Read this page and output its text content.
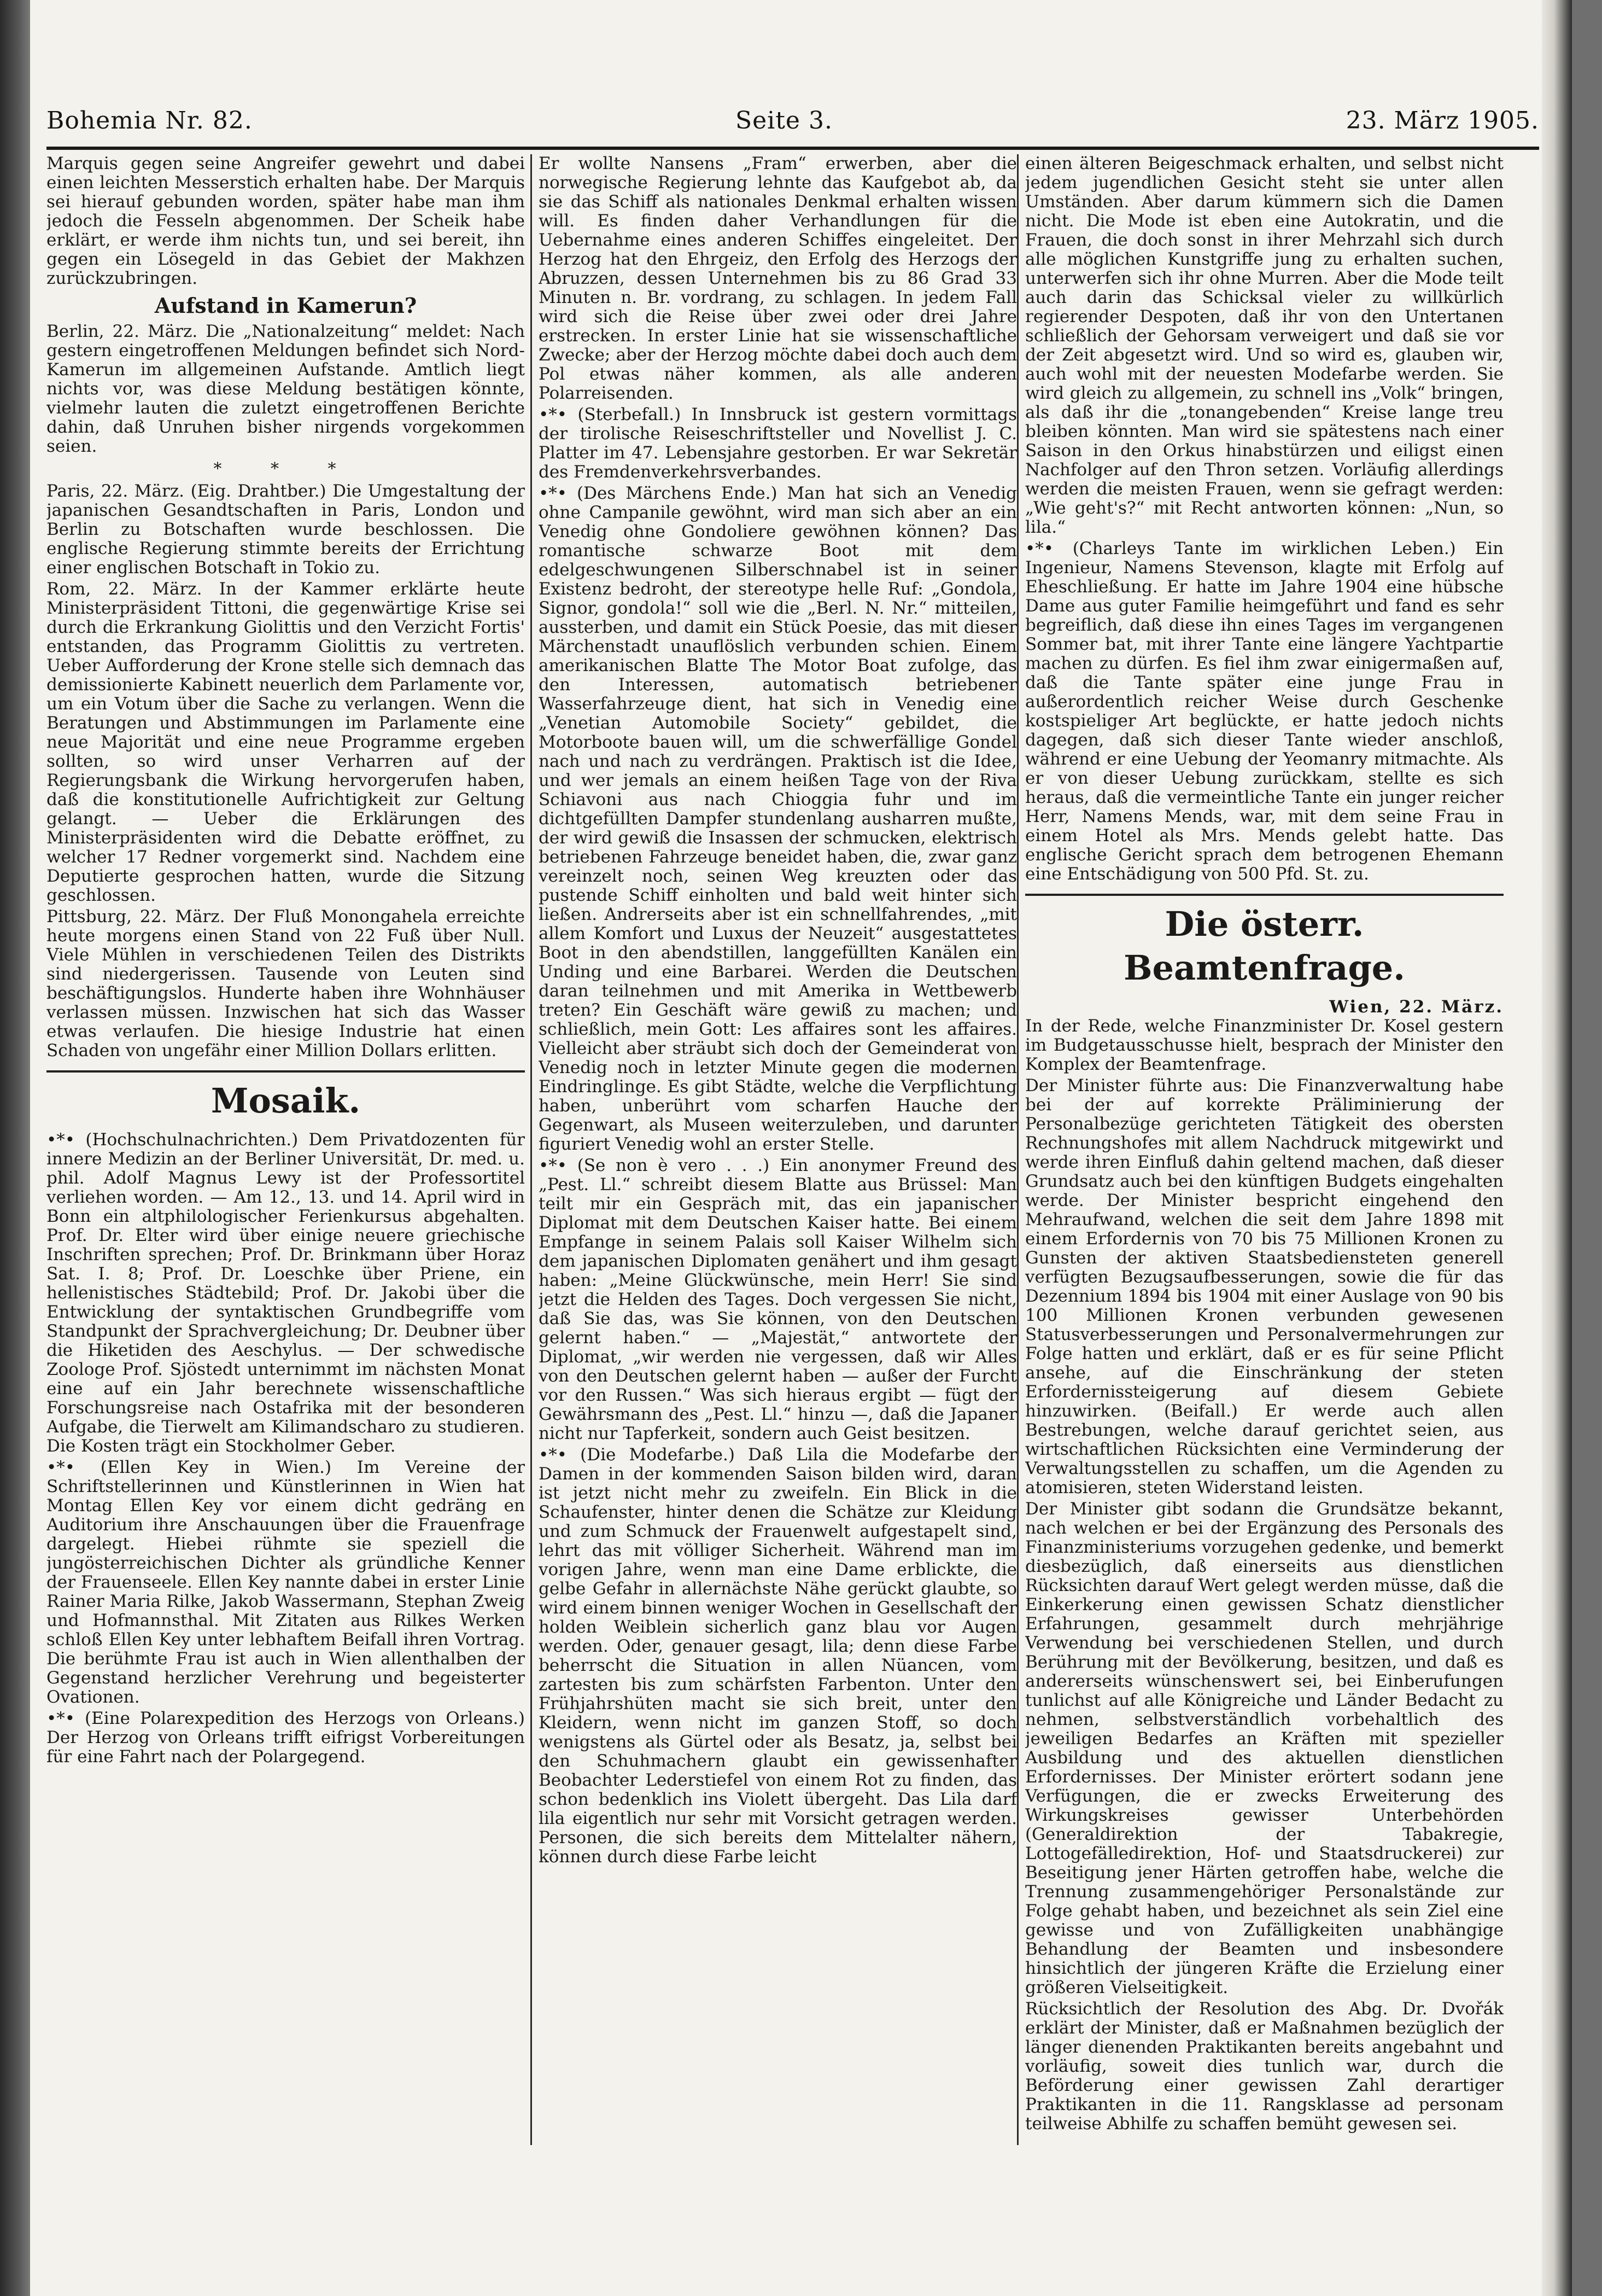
Bohemia Nr. 82.	Seite 3.	23. März 1905.

Marquis gegen seine Angreifer gewehrt und dabei einen leichten Messerstich erhalten habe. Der Marquis sei hierauf gebunden worden, später habe man ihm jedoch die Fesseln abgenommen. Der Scheik habe erklärt, er werde ihm nichts tun, und sei bereit, ihn gegen ein Lösegeld in das Gebiet der Makhzen zurückzubringen.

Aufstand in Kamerun?

Berlin, 22. März. Die „Nationalzeitung“ meldet: Nach gestern eingetroffenen Meldungen befindet sich Nord-Kamerun im allgemeinen Aufstande. Amtlich liegt nichts vor, was diese Meldung bestätigen könnte, vielmehr lauten die zuletzt eingetroffenen Berichte dahin, daß Unruhen bisher nirgends vorgekommen seien.

* * *

Paris, 22. März. (Eig. Drahtber.) Die Umgestaltung der japanischen Gesandtschaften in Paris, London und Berlin zu Botschaften wurde beschlossen. Die englische Regierung stimmte bereits der Errichtung einer englischen Botschaft in Tokio zu.

Rom, 22. März. In der Kammer erklärte heute Ministerpräsident Tittoni, die gegenwärtige Krise sei durch die Erkrankung Giolittis und den Verzicht Fortis' entstanden, das Programm Giolittis zu vertreten. Ueber Aufforderung der Krone stelle sich demnach das demissionierte Kabinett neuerlich dem Parlamente vor, um ein Votum über die Sache zu verlangen. Wenn die Beratungen und Abstimmungen im Parlamente eine neue Majorität und eine neue Programme ergeben sollten, so wird unser Verharren auf der Regierungsbank die Wirkung hervorgerufen haben, daß die konstitutionelle Aufrichtigkeit zur Geltung gelangt. — Ueber die Erklärungen des Ministerpräsidenten wird die Debatte eröffnet, zu welcher 17 Redner vorgemerkt sind. Nachdem eine Deputierte gesprochen hatten, wurde die Sitzung geschlossen.

Pittsburg, 22. März. Der Fluß Monongahela erreichte heute morgens einen Stand von 22 Fuß über Null. Viele Mühlen in verschiedenen Teilen des Distrikts sind niedergerissen. Tausende von Leuten sind beschäftigungslos. Hunderte haben ihre Wohnhäuser verlassen müssen. Inzwischen hat sich das Wasser etwas verlaufen. Die hiesige Industrie hat einen Schaden von ungefähr einer Million Dollars erlitten.

Mosaik.

•*• (Hochschulnachrichten.) Dem Privatdozenten für innere Medizin an der Berliner Universität, Dr. med. u. phil. Adolf Magnus Lewy ist der Professortitel verliehen worden. — Am 12., 13. und 14. April wird in Bonn ein altphilologischer Ferienkursus abgehalten. Prof. Dr. Elter wird über einige neuere griechische Inschriften sprechen; Prof. Dr. Brinkmann über Horaz Sat. I. 8; Prof. Dr. Loeschke über Priene, ein hellenistisches Städtebild; Prof. Dr. Jakobi über die Entwicklung der syntaktischen Grundbegriffe vom Standpunkt der Sprachvergleichung; Dr. Deubner über die Hiketiden des Aeschylus. — Der schwedische Zoologe Prof. Sjöstedt unternimmt im nächsten Monat eine auf ein Jahr berechnete wissenschaftliche Forschungsreise nach Ostafrika mit der besonderen Aufgabe, die Tierwelt am Kilimandscharo zu studieren. Die Kosten trägt ein Stockholmer Geber.

•*• (Ellen Key in Wien.) Im Vereine der Schriftstellerinnen und Künstlerinnen in Wien hat Montag Ellen Key vor einem dicht gedräng en Auditorium ihre Anschauungen über die Frauenfrage dargelegt. Hiebei rühmte sie speziell die jungösterreichischen Dichter als gründliche Kenner der Frauenseele. Ellen Key nannte dabei in erster Linie Rainer Maria Rilke, Jakob Wassermann, Stephan Zweig und Hofmannsthal. Mit Zitaten aus Rilkes Werken schloß Ellen Key unter lebhaftem Beifall ihren Vortrag. Die berühmte Frau ist auch in Wien allenthalben der Gegenstand herzlicher Verehrung und begeisterter Ovationen.

•*• (Eine Polarexpedition des Herzogs von Orleans.) Der Herzog von Orleans trifft eifrigst Vorbereitungen für eine Fahrt nach der Polargegend.

Er wollte Nansens „Fram“ erwerben, aber die norwegische Regierung lehnte das Kaufgebot ab, da sie das Schiff als nationales Denkmal erhalten wissen will. Es finden daher Verhandlungen für die Uebernahme eines anderen Schiffes eingeleitet. Der Herzog hat den Ehrgeiz, den Erfolg des Herzogs der Abruzzen, dessen Unternehmen bis zu 86 Grad 33 Minuten n. Br. vordrang, zu schlagen. In jedem Fall wird sich die Reise über zwei oder drei Jahre erstrecken. In erster Linie hat sie wissenschaftliche Zwecke; aber der Herzog möchte dabei doch auch dem Pol etwas näher kommen, als alle anderen Polarreisenden.

•*• (Sterbefall.) In Innsbruck ist gestern vormittags der tirolische Reiseschriftsteller und Novellist J. C. Platter im 47. Lebensjahre gestorben. Er war Sekretär des Fremdenverkehrsverbandes.

•*• (Des Märchens Ende.) Man hat sich an Venedig ohne Campanile gewöhnt, wird man sich aber an ein Venedig ohne Gondoliere gewöhnen können? Das romantische schwarze Boot mit dem edelgeschwungenen Silberschnabel ist in seiner Existenz bedroht, der stereotype helle Ruf: „Gondola, Signor, gondola!“ soll wie die „Berl. N. Nr.“ mitteilen, aussterben, und damit ein Stück Poesie, das mit dieser Märchenstadt unauflöslich verbunden schien. Einem amerikanischen Blatte The Motor Boat zufolge, das den Interessen, automatisch betriebener Wasserfahrzeuge dient, hat sich in Venedig eine „Venetian Automobile Society“ gebildet, die Motorboote bauen will, um die schwerfällige Gondel nach und nach zu verdrängen. Praktisch ist die Idee, und wer jemals an einem heißen Tage von der Riva Schiavoni aus nach Chioggia fuhr und im dichtgefüllten Dampfer stundenlang ausharren mußte, der wird gewiß die Insassen der schmucken, elektrisch betriebenen Fahrzeuge beneidet haben, die, zwar ganz vereinzelt noch, seinen Weg kreuzten oder das pustende Schiff einholten und bald weit hinter sich ließen. Andrerseits aber ist ein schnellfahrendes, „mit allem Komfort und Luxus der Neuzeit“ ausgestattetes Boot in den abendstillen, langgefüllten Kanälen ein Unding und eine Barbarei. Werden die Deutschen daran teilnehmen und mit Amerika in Wettbewerb treten? Ein Geschäft wäre gewiß zu machen; und schließlich, mein Gott: Les affaires sont les affaires. Vielleicht aber sträubt sich doch der Gemeinderat von Venedig noch in letzter Minute gegen die modernen Eindringlinge. Es gibt Städte, welche die Verpflichtung haben, unberührt vom scharfen Hauche der Gegenwart, als Museen weiterzuleben, und darunter figuriert Venedig wohl an erster Stelle.

•*• (Se non è vero . . .) Ein anonymer Freund des „Pest. Ll.“ schreibt diesem Blatte aus Brüssel: Man teilt mir ein Gespräch mit, das ein japanischer Diplomat mit dem Deutschen Kaiser hatte. Bei einem Empfange in seinem Palais soll Kaiser Wilhelm sich dem japanischen Diplomaten genähert und ihm gesagt haben: „Meine Glückwünsche, mein Herr! Sie sind jetzt die Helden des Tages. Doch vergessen Sie nicht, daß Sie das, was Sie können, von den Deutschen gelernt haben.“ — „Majestät,“ antwortete der Diplomat, „wir werden nie vergessen, daß wir Alles von den Deutschen gelernt haben — außer der Furcht vor den Russen.“ Was sich hieraus ergibt — fügt der Gewährsmann des „Pest. Ll.“ hinzu —, daß die Japaner nicht nur Tapferkeit, sondern auch Geist besitzen.

•*• (Die Modefarbe.) Daß Lila die Modefarbe der Damen in der kommenden Saison bilden wird, daran ist jetzt nicht mehr zu zweifeln. Ein Blick in die Schaufenster, hinter denen die Schätze zur Kleidung und zum Schmuck der Frauenwelt aufgestapelt sind, lehrt das mit völliger Sicherheit. Während man im vorigen Jahre, wenn man eine Dame erblickte, die gelbe Gefahr in allernächste Nähe gerückt glaubte, so wird einem binnen weniger Wochen in Gesellschaft der holden Weiblein sicherlich ganz blau vor Augen werden. Oder, genauer gesagt, lila; denn diese Farbe beherrscht die Situation in allen Nüancen, vom zartesten bis zum schärfsten Farbenton. Unter den Frühjahrshüten macht sie sich breit, unter den Kleidern, wenn nicht im ganzen Stoff, so doch wenigstens als Gürtel oder als Besatz, ja, selbst bei den Schuhmachern glaubt ein gewissenhafter Beobachter Lederstiefel von einem Rot zu finden, das schon bedenklich ins Violett übergeht. Das Lila darf lila eigentlich nur sehr mit Vorsicht getragen werden. Personen, die sich bereits dem Mittelalter nähern, können durch diese Farbe leicht

einen älteren Beigeschmack erhalten, und selbst nicht jedem jugendlichen Gesicht steht sie unter allen Umständen. Aber darum kümmern sich die Damen nicht. Die Mode ist eben eine Autokratin, und die Frauen, die doch sonst in ihrer Mehrzahl sich durch alle möglichen Kunstgriffe jung zu erhalten suchen, unterwerfen sich ihr ohne Murren. Aber die Mode teilt auch darin das Schicksal vieler zu willkürlich regierender Despoten, daß ihr von den Untertanen schließlich der Gehorsam verweigert und daß sie vor der Zeit abgesetzt wird. Und so wird es, glauben wir, auch wohl mit der neuesten Modefarbe werden. Sie wird gleich zu allgemein, zu schnell ins „Volk“ bringen, als daß ihr die „tonangebenden“ Kreise lange treu bleiben könnten. Man wird sie spätestens nach einer Saison in den Orkus hinabstürzen und eiligst einen Nachfolger auf den Thron setzen. Vorläufig allerdings werden die meisten Frauen, wenn sie gefragt werden: „Wie geht's?“ mit Recht antworten können: „Nun, so lila.“

•*• (Charleys Tante im wirklichen Leben.) Ein Ingenieur, Namens Stevenson, klagte mit Erfolg auf Eheschließung. Er hatte im Jahre 1904 eine hübsche Dame aus guter Familie heimgeführt und fand es sehr begreiflich, daß diese ihn eines Tages im vergangenen Sommer bat, mit ihrer Tante eine längere Yachtpartie machen zu dürfen. Es fiel ihm zwar einigermaßen auf, daß die Tante später eine junge Frau in außerordentlich reicher Weise durch Geschenke kostspieliger Art beglückte, er hatte jedoch nichts dagegen, daß sich dieser Tante wieder anschloß, während er eine Uebung der Yeomanry mitmachte. Als er von dieser Uebung zurückkam, stellte es sich heraus, daß die vermeintliche Tante ein junger reicher Herr, Namens Mends, war, mit dem seine Frau in einem Hotel als Mrs. Mends gelebt hatte. Das englische Gericht sprach dem betrogenen Ehemann eine Entschädigung von 500 Pfd. St. zu.

Die österr. Beamtenfrage.
Wien, 22. März.

In der Rede, welche Finanzminister Dr. Kosel gestern im Budgetausschusse hielt, besprach der Minister den Komplex der Beamtenfrage.

Der Minister führte aus: Die Finanzverwaltung habe bei der auf korrekte Präliminierung der Personalbezüge gerichteten Tätigkeit des obersten Rechnungshofes mit allem Nachdruck mitgewirkt und werde ihren Einfluß dahin geltend machen, daß dieser Grundsatz auch bei den künftigen Budgets eingehalten werde. Der Minister bespricht eingehend den Mehraufwand, welchen die seit dem Jahre 1898 mit einem Erfordernis von 70 bis 75 Millionen Kronen zu Gunsten der aktiven Staatsbediensteten generell verfügten Bezugsaufbesserungen, sowie die für das Dezennium 1894 bis 1904 mit einer Auslage von 90 bis 100 Millionen Kronen verbunden gewesenen Statusverbesserungen und Personalvermehrungen zur Folge hatten und erklärt, daß er es für seine Pflicht ansehe, auf die Einschränkung der steten Erfordernissteigerung auf diesem Gebiete hinzuwirken. (Beifall.) Er werde auch allen Bestrebungen, welche darauf gerichtet seien, aus wirtschaftlichen Rücksichten eine Verminderung der Verwaltungsstellen zu schaffen, um die Agenden zu atomisieren, steten Widerstand leisten.

Der Minister gibt sodann die Grundsätze bekannt, nach welchen er bei der Ergänzung des Personals des Finanzministeriums vorzugehen gedenke, und bemerkt diesbezüglich, daß einerseits aus dienstlichen Rücksichten darauf Wert gelegt werden müsse, daß die Einkerkerung einen gewissen Schatz dienstlicher Erfahrungen, gesammelt durch mehrjährige Verwendung bei verschiedenen Stellen, und durch Berührung mit der Bevölkerung, besitzen, und daß es andererseits wünschenswert sei, bei Einberufungen tunlichst auf alle Königreiche und Länder Bedacht zu nehmen, selbstverständlich vorbehaltlich des jeweiligen Bedarfes an Kräften mit spezieller Ausbildung und des aktuellen dienstlichen Erfordernisses. Der Minister erörtert sodann jene Verfügungen, die er zwecks Erweiterung des Wirkungskreises gewisser Unterbehörden (Generaldirektion der Tabakregie, Lottogefälledirektion, Hof- und Staatsdruckerei) zur Beseitigung jener Härten getroffen habe, welche die Trennung zusammengehöriger Personalstände zur Folge gehabt haben, und bezeichnet als sein Ziel eine gewisse und von Zufälligkeiten unabhängige Behandlung der Beamten und insbesondere hinsichtlich der jüngeren Kräfte die Erzielung einer größeren Vielseitigkeit.

Rücksichtlich der Resolution des Abg. Dr. Dvořák erklärt der Minister, daß er Maßnahmen bezüglich der länger dienenden Praktikanten bereits angebahnt und vorläufig, soweit dies tunlich war, durch die Beförderung einer gewissen Zahl derartiger Praktikanten in die 11. Rangsklasse ad personam teilweise Abhilfe zu schaffen bemüht gewesen sei.
